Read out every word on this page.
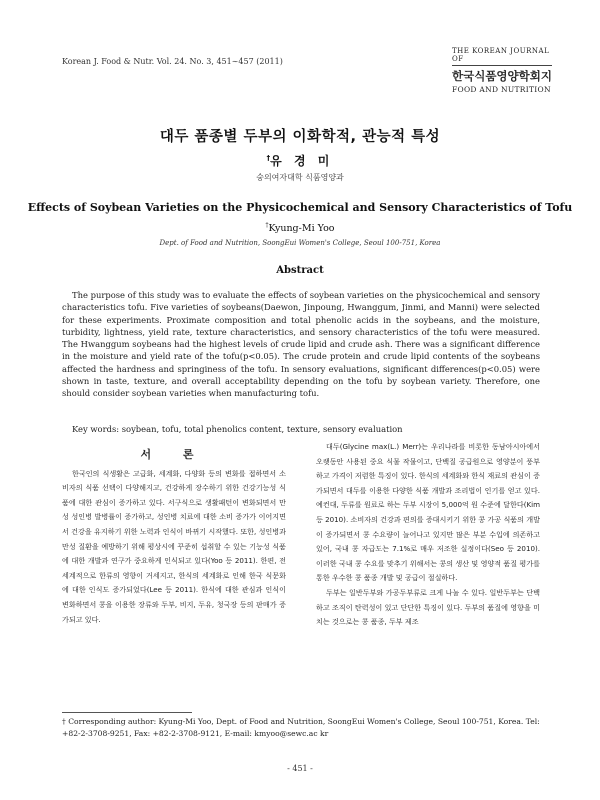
Korean J. Food & Nutr. Vol. 24. No. 3, 451∼457 (2011)
THE KOREAN JOURNAL OF
한국식품영양학회지
FOOD AND NUTRITION
대두 품종별 두부의 이화학적, 관능적 특성
†유 경 미
숭의여자대학 식품영양과
Effects of Soybean Varieties on the Physicochemical and Sensory Characteristics of Tofu
†Kyung-Mi Yoo
Dept. of Food and Nutrition, SoongEui Women's College, Seoul 100-751, Korea
Abstract
The purpose of this study was to evaluate the effects of soybean varieties on the physicochemical and sensory characteristics tofu. Five varieties of soybeans(Daewon, Jinpoung, Hwanggum, Jinmi, and Manni) were selected for these experiments. Proximate composition and total phenolic acids in the soybeans, and the moisture, turbidity, lightness, yield rate, texture characteristics, and sensory characteristics of the tofu were measured. The Hwanggum soybeans had the highest levels of crude lipid and crude ash. There was a significant difference in the moisture and yield rate of the tofu(p<0.05). The crude protein and crude lipid contents of the soybeans affected the hardness and springiness of the tofu. In sensory evaluations, significant differences(p<0.05) were shown in taste, texture, and overall acceptability depending on the tofu by soybean variety. Therefore, one should consider soybean varieties when manufacturing tofu.
Key words: soybean, tofu, total phenolics content, texture, sensory evaluation
서 론

한국인의 식생활은 고급화, 세계화, 다양화 등의 변화를 접하면서 소비자의 식품 선택이 다양해지고, 건강하게 장수하기 위한 건강기능성 식품에 대한 관심이 증가하고 있다. 서구식으로 생활패턴이 변화되면서 만성 성인병 발병률이 증가하고, 성인병 치료에 대한 소비 증가가 이어지면서 건강을 유지하기 위한 노력과 인식이 바뀌기 시작했다. 또한, 성인병과 만성 질환을 예방하기 위해 평상시에 꾸준히 섭취할 수 있는 기능성 식품에 대한 개발과 연구가 중요하게 인식되고 있다(Yoo 등 2011). 한편, 전 세계적으로 한류의 영향이 거세지고, 한식의 세계화로 인해 한국 식문화에 대한 인식도 증가되었다(Lee 등 2011). 한식에 대한 관심과 인식이 변화하면서 콩을 이용한 장류와 두부, 비지, 두유, 청국장 등의 판매가 증가되고 있다.

대두(Glycine max(L.) Merr)는 우리나라를 비롯한 동남아시아에서 오랫동안 사용된 중요 식물 작물이고, 단백질 공급원으로 영양분이 풍부하고 가격이 저렴한 특징이 있다. 한식의 세계화와 한식 재료의 관심이 증가되면서 대두를 이용한 다양한 식품 개발과 조리법이 인기를 얻고 있다. 예컨대, 두류를 원료로 하는 두부 시장이 5,000억 원 수준에 달한다(Kim 등 2010). 소비자의 건강과 편의를 증대시키기 위한 콩 가공 식품의 개발이 증가되면서 콩 수요량이 늘어나고 있지만 많은 부분 수입에 의존하고 있어, 국내 콩 자급도는 7.1%로 매우 저조한 실정이다(Seo 등 2010). 이러한 국내 콩 수요를 맞추기 위해서는 콩의 생산 및 영양적 품질 평가를 통한 우수한 콩 품종 개발 및 공급이 절실하다.

두부는 일반두부와 가공두부류로 크게 나눌 수 있다. 일반두부는 단백하고 조직이 탄력성이 있고 단단한 특징이 있다. 두부의 품질에 영향을 미치는 것으로는 콩 품종, 두부 제조

† Corresponding author: Kyung-Mi Yoo, Dept. of Food and Nutrition, SoongEui Women's College, Seoul 100-751, Korea. Tel: +82-2-3708-9251, Fax: +82-2-3708-9121, E-mail: kmyoo@sewc.ac kr
- 451 -
